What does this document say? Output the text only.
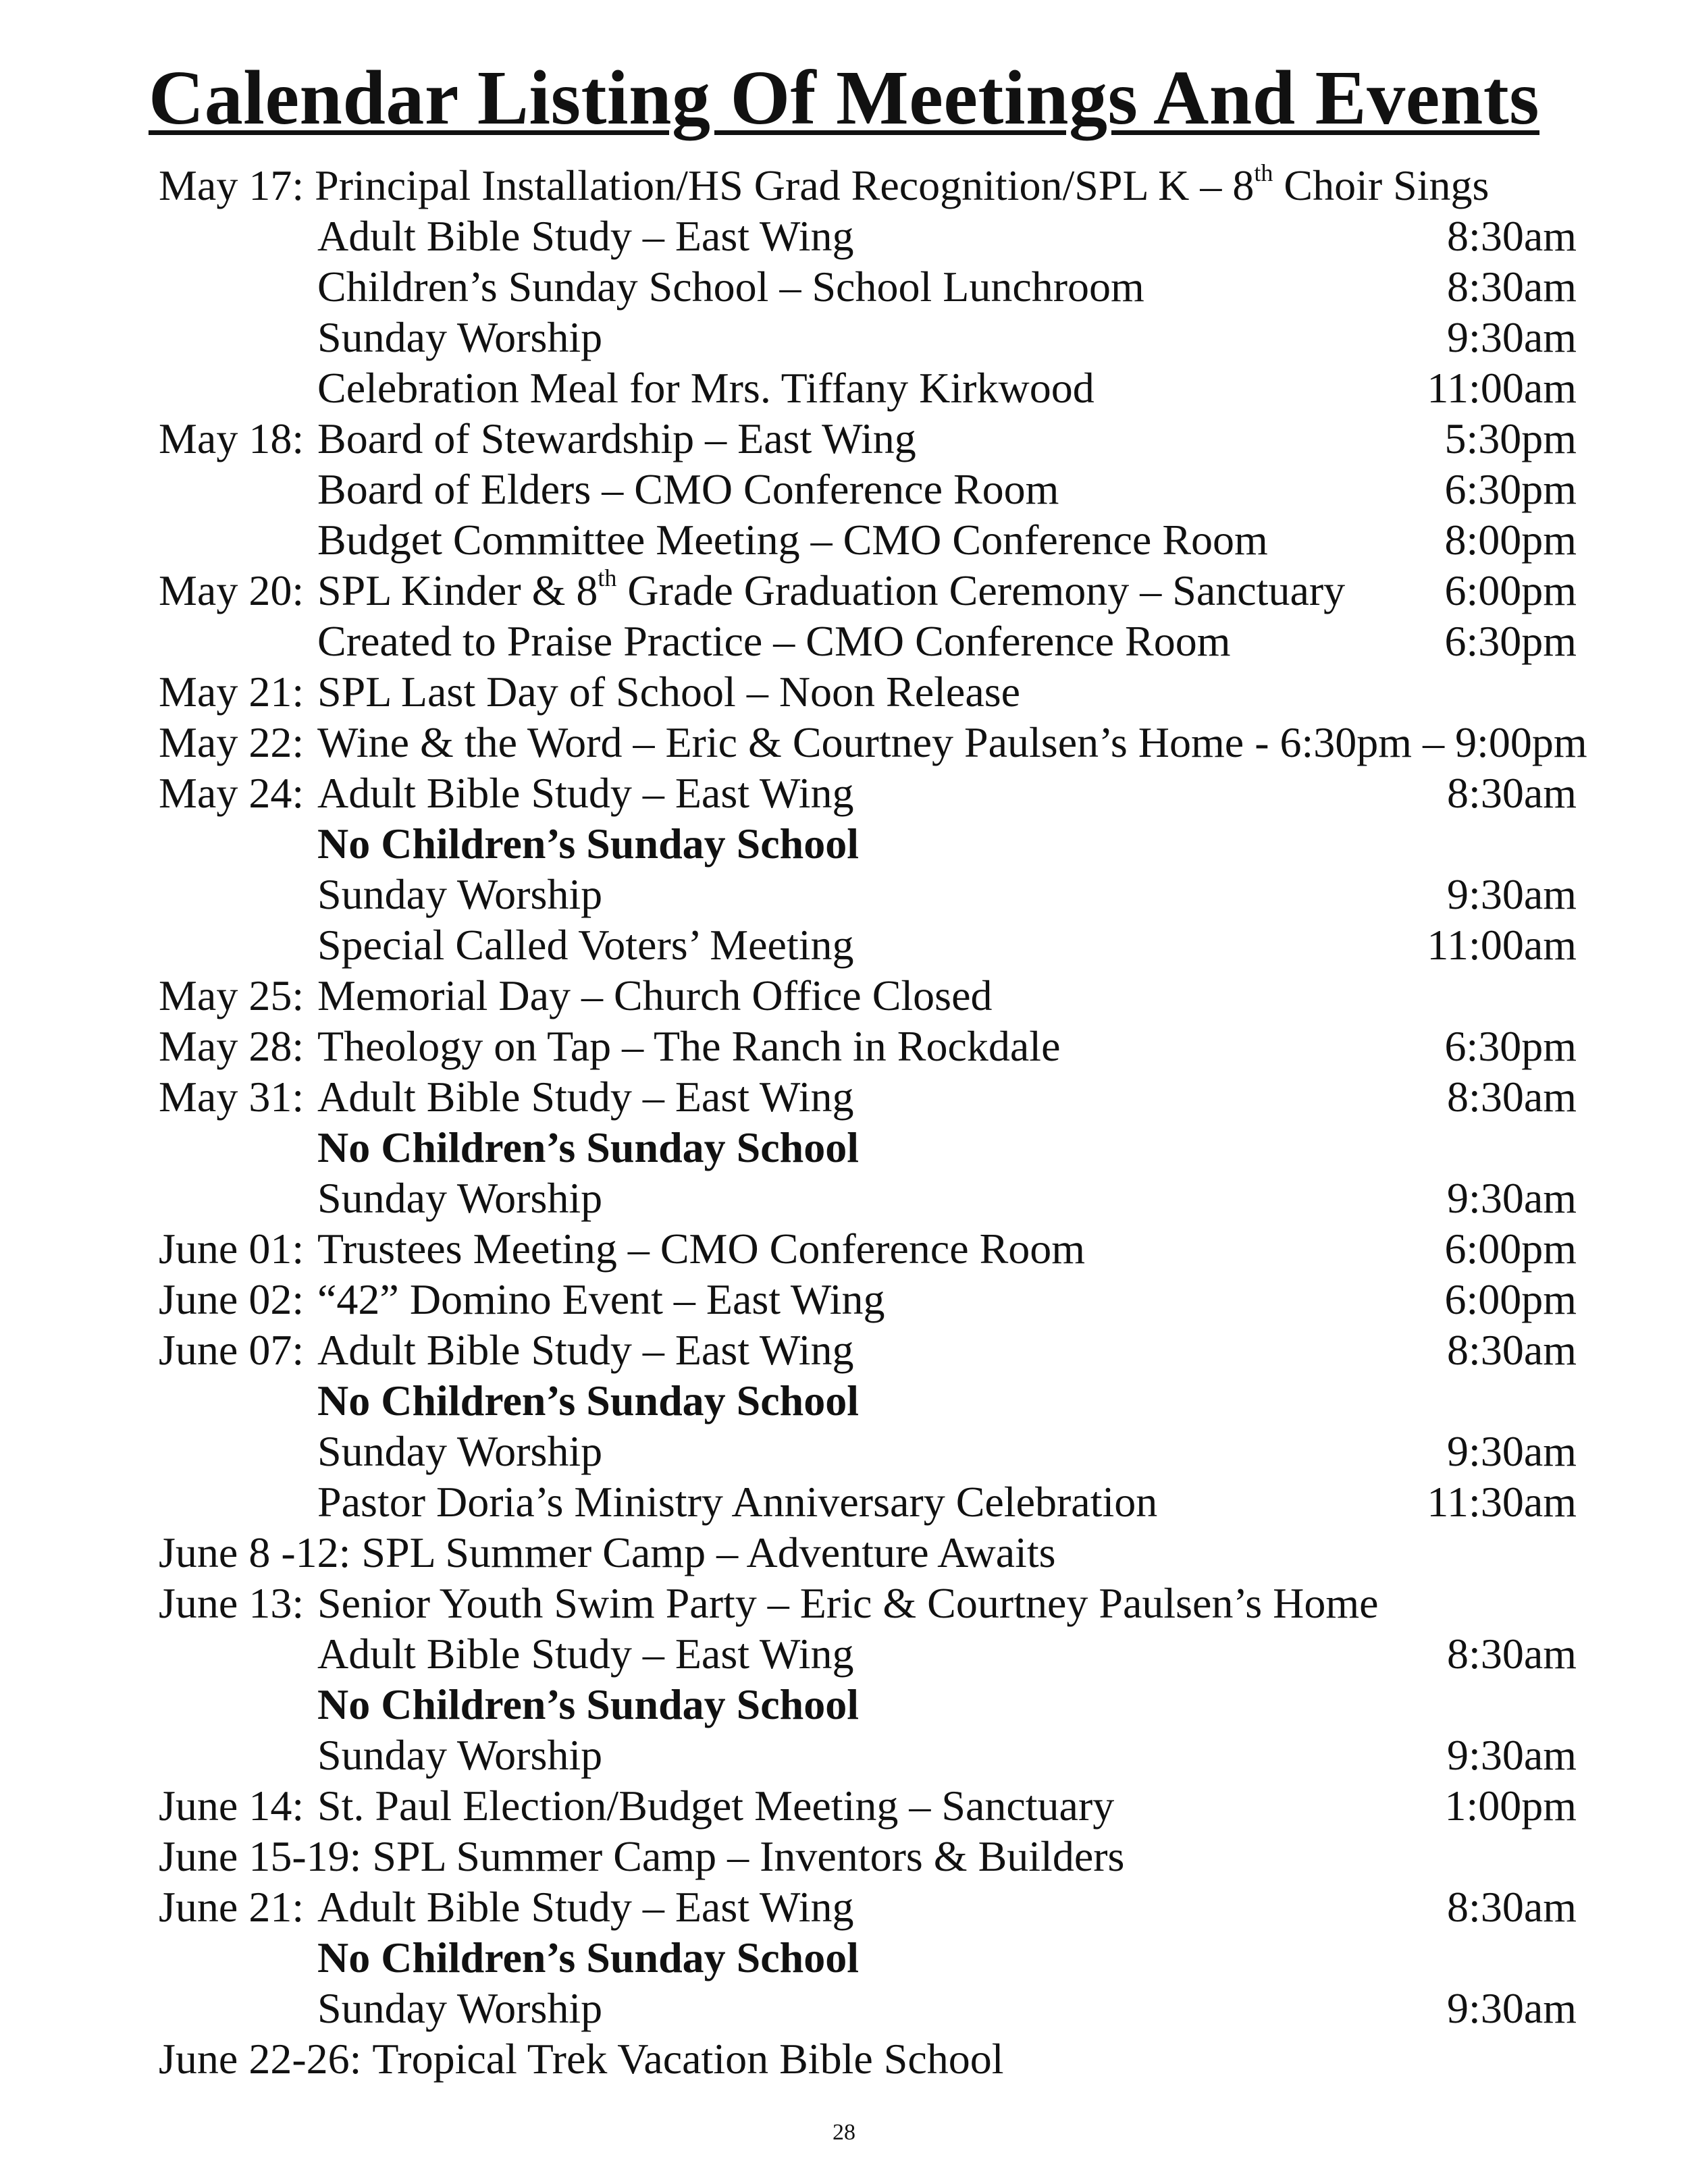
Calendar Listing Of Meetings And Events
May 17: Principal Installation/HS Grad Recognition/SPL K – 8th Choir Sings
Adult Bible Study – East Wing	8:30am
Children’s Sunday School – School Lunchroom	8:30am
Sunday Worship	9:30am
Celebration Meal for Mrs. Tiffany Kirkwood	11:00am
May 18: Board of Stewardship – East Wing	5:30pm
Board of Elders – CMO Conference Room	6:30pm
Budget Committee Meeting – CMO Conference Room	8:00pm
May 20: SPL Kinder & 8th Grade Graduation Ceremony – Sanctuary 6:00pm
Created to Praise Practice – CMO Conference Room	6:30pm
May 21: SPL Last Day of School – Noon Release
May 22: Wine & the Word – Eric & Courtney Paulsen’s Home - 6:30pm – 9:00pm
May 24: Adult Bible Study – East Wing	8:30am
No Children’s Sunday School
Sunday Worship	9:30am
Special Called Voters’ Meeting	11:00am
May 25: Memorial Day – Church Office Closed
May 28: Theology on Tap – The Ranch in Rockdale	6:30pm
May 31: Adult Bible Study – East Wing	8:30am
No Children’s Sunday School
Sunday Worship	9:30am
June 01: Trustees Meeting – CMO Conference Room	6:00pm
June 02: “42” Domino Event – East Wing	6:00pm
June 07: Adult Bible Study – East Wing	8:30am
No Children’s Sunday School
Sunday Worship	9:30am
Pastor Doria’s Ministry Anniversary Celebration	11:30am
June 8 -12: SPL Summer Camp – Adventure Awaits
June 13: Senior Youth Swim Party – Eric & Courtney Paulsen’s Home
Adult Bible Study – East Wing	8:30am
No Children’s Sunday School
Sunday Worship	9:30am
June 14: St. Paul Election/Budget Meeting – Sanctuary	1:00pm
June 15-19: SPL Summer Camp – Inventors & Builders
June 21: Adult Bible Study – East Wing	8:30am
No Children’s Sunday School
Sunday Worship	9:30am
June 22-26: Tropical Trek Vacation Bible School
28
